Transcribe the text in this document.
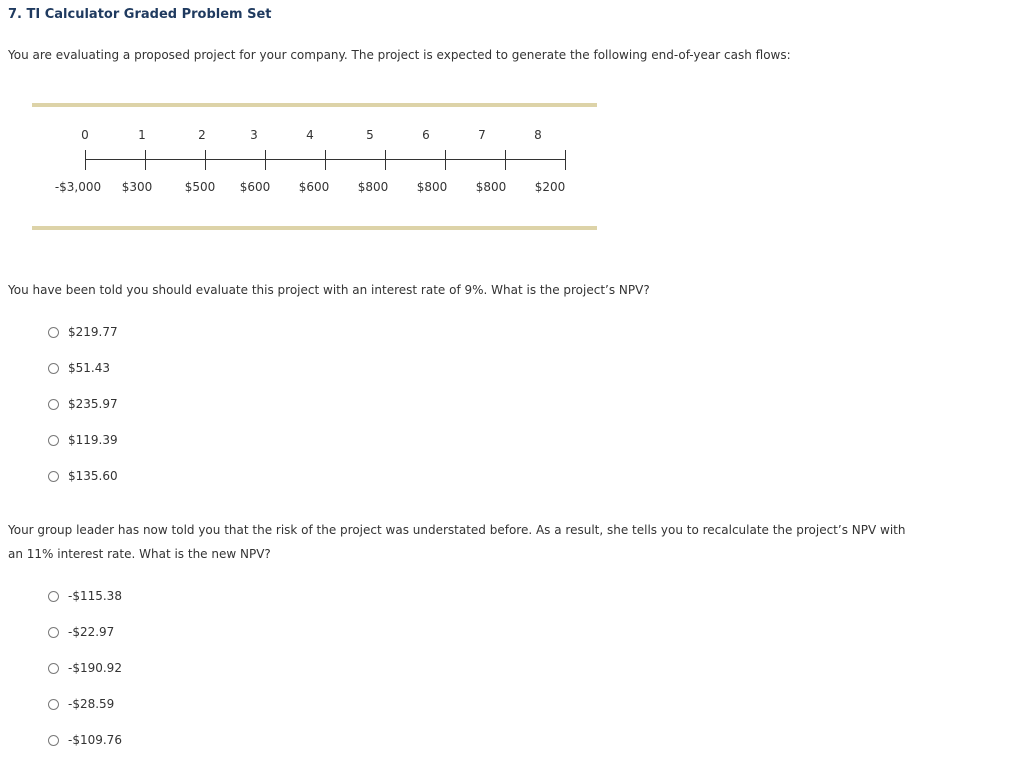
7. TI Calculator Graded Problem Set
You are evaluating a proposed project for your company. The project is expected to generate the following end-of-year cash flows:
0	1	2	3	4	5	6	7	8
-$3,000 $300	$500 $600 $600 $800 $800 $800 $200
You have been told you should evaluate this project with an interest rate of 9%. What is the project’s NPV?
$219.77
$51.43
$235.97
$119.39
$135.60
Your group leader has now told you that the risk of the project was understated before. As a result, she tells you to recalculate the project’s NPV with
an 11% interest rate. What is the new NPV?
-$115.38
-$22.97
-$190.92
-$28.59
-$109.76
